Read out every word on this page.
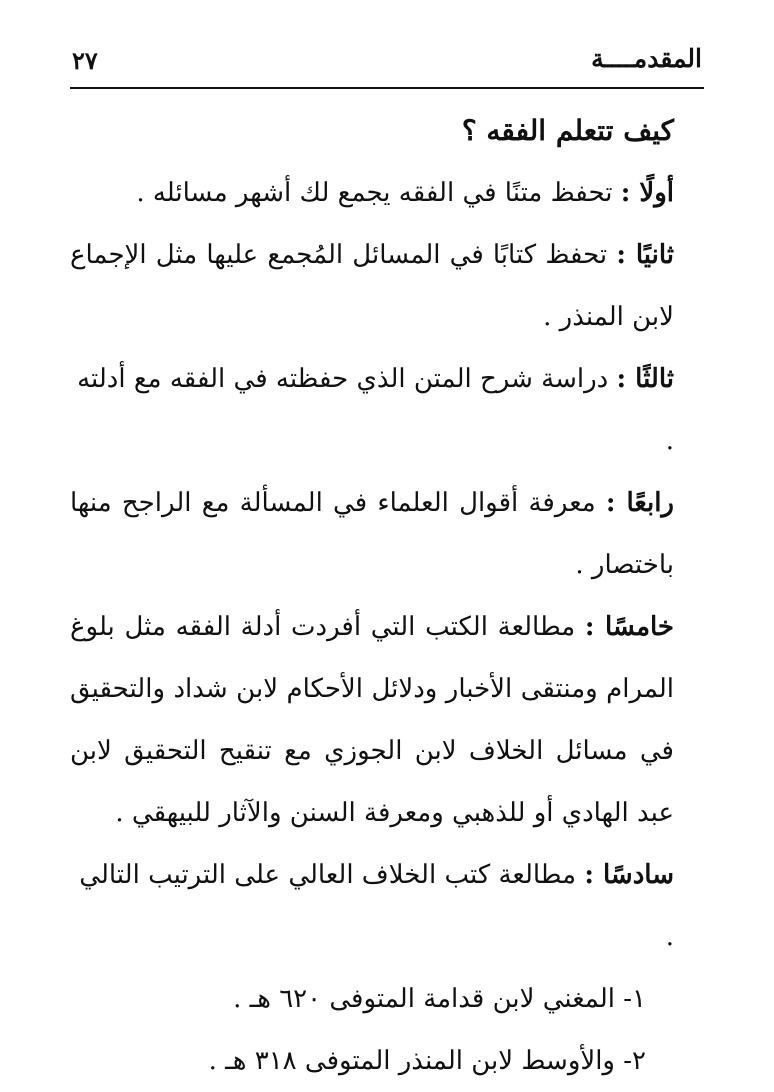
المقدمــــة
٢٧

كيف تتعلم الفقه ؟

أولًا : تحفظ متنًا في الفقه يجمع لك أشهر مسائله .

ثانيًا : تحفظ كتابًا في المسائل المُجمع عليها مثل الإجماع لابن المنذر .

ثالثًا : دراسة شرح المتن الذي حفظته في الفقه مع أدلته .

رابعًا : معرفة أقوال العلماء في المسألة مع الراجح منها باختصار .

خامسًا : مطالعة الكتب التي أفردت أدلة الفقه مثل بلوغ المرام ومنتقى الأخبار ودلائل الأحكام لابن شداد والتحقيق في مسائل الخلاف لابن الجوزي مع تنقيح التحقيق لابن عبد الهادي أو للذهبي ومعرفة السنن والآثار للبيهقي .

سادسًا : مطالعة كتب الخلاف العالي على الترتيب التالي .

١- المغني لابن قدامة المتوفى ٦٢٠ هـ .

٢- والأوسط لابن المنذر المتوفى ٣١٨ هـ .
